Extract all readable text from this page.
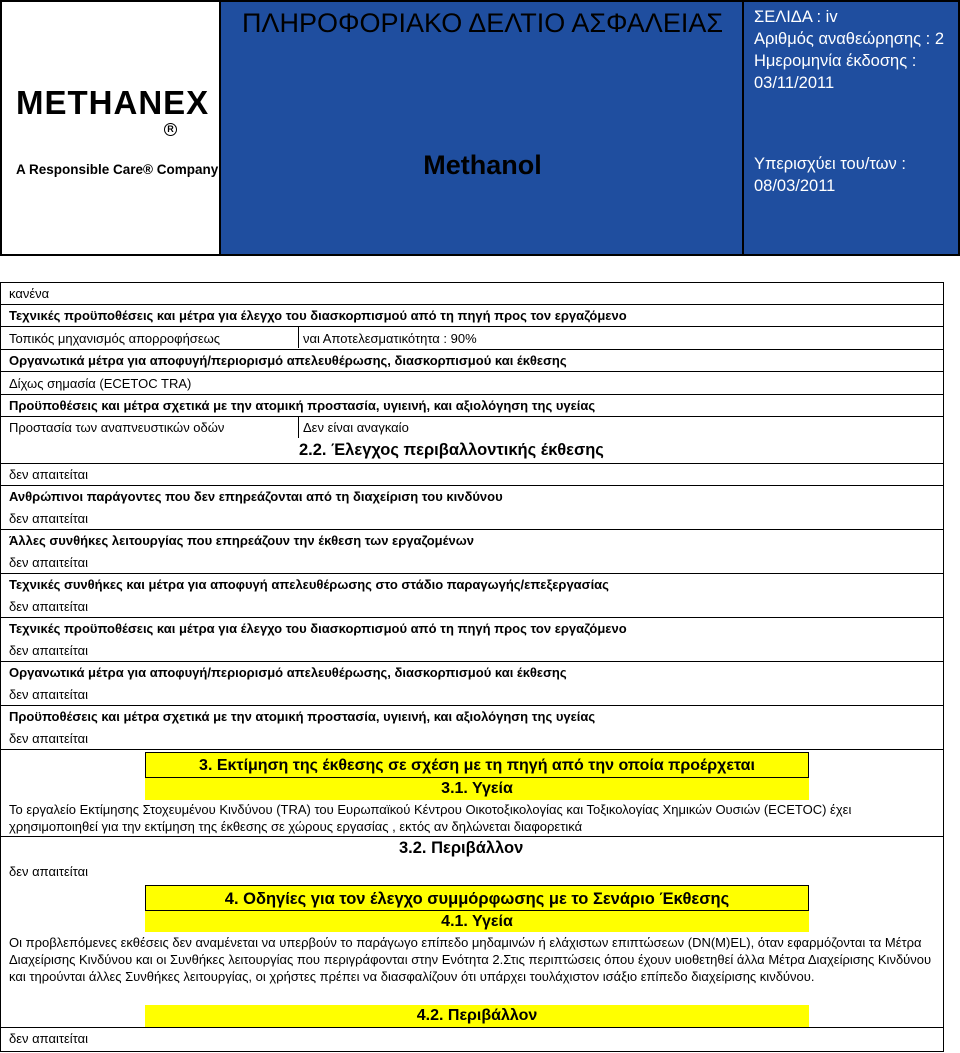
METHANEX
R
A Responsible Care® Company
ΠΛΗΡΟΦΟΡΙΑΚΟ ΔΕΛΤΙΟ ΑΣΦΑΛΕΙΑΣ
Methanol
ΣΕΛΙΔΑ : iv
Αριθμός αναθεώρησης : 2
Ημερομηνία έκδοσης : 03/11/2011
Υπερισχύει του/των : 08/03/2011
κανένα
Τεχνικές προϋποθέσεις και μέτρα για έλεγχο του διασκορπισμού από τη πηγή προς τον εργαζόμενο
Τοπικός μηχανισμός απορροφήσεως	ναι Αποτελεσματικότητα : 90%
Οργανωτικά μέτρα για αποφυγή/περιορισμό απελευθέρωσης, διασκορπισμού και έκθεσης
Δίχως σημασία (ECETOC TRA)
Προϋποθέσεις και μέτρα σχετικά με την ατομική προστασία, υγιεινή, και αξιολόγηση της υγείας
Προστασία των αναπνευστικών οδών	Δεν είναι αναγκαίο
2.2. Έλεγχος περιβαλλοντικής έκθεσης
δεν απαιτείται
Ανθρώπινοι παράγοντες που δεν επηρεάζονται από τη διαχείριση του κινδύνου
δεν απαιτείται
Άλλες συνθήκες λειτουργίας που επηρεάζουν την έκθεση των εργαζομένων
δεν απαιτείται
Τεχνικές συνθήκες και μέτρα για αποφυγή απελευθέρωσης στο στάδιο παραγωγής/επεξεργασίας
δεν απαιτείται
Τεχνικές προϋποθέσεις και μέτρα για έλεγχο του διασκορπισμού από τη πηγή προς τον εργαζόμενο
δεν απαιτείται
Οργανωτικά μέτρα για αποφυγή/περιορισμό απελευθέρωσης, διασκορπισμού και έκθεσης
δεν απαιτείται
Προϋποθέσεις και μέτρα σχετικά με την ατομική προστασία, υγιεινή, και αξιολόγηση της υγείας
δεν απαιτείται
3. Εκτίμηση της έκθεσης σε σχέση με τη πηγή από την οποία προέρχεται
3.1. Υγεία
Το εργαλείο Εκτίμησης Στοχευμένου Κινδύνου (TRA) του Ευρωπαϊκού Κέντρου Οικοτοξικολογίας και Τοξικολογίας Χημικών Ουσιών (ECETOC) έχει χρησιμοποιηθεί για την εκτίμηση της έκθεσης σε χώρους εργασίας , εκτός αν δηλώνεται διαφορετικά
3.2. Περιβάλλον
δεν απαιτείται
4. Οδηγίες για τον έλεγχο συμμόρφωσης με το Σενάριο Έκθεσης
4.1. Υγεία
Οι προβλεπόμενες εκθέσεις δεν αναμένεται να υπερβούν το παράγωγο επίπεδο μηδαμινών ή ελάχιστων επιπτώσεων (DN(M)EL), όταν εφαρμόζονται τα Μέτρα Διαχείρισης Κινδύνου και οι Συνθήκες λειτουργίας που περιγράφονται στην Ενότητα 2.Στις περιπτώσεις όπου έχουν υιοθετηθεί άλλα Μέτρα Διαχείρισης Κινδύνου και τηρούνται άλλες Συνθήκες λειτουργίας, οι χρήστες πρέπει να διασφαλίζουν ότι υπάρχει τουλάχιστον ισάξιο επίπεδο διαχείρισης κινδύνου.
4.2. Περιβάλλον
δεν απαιτείται
